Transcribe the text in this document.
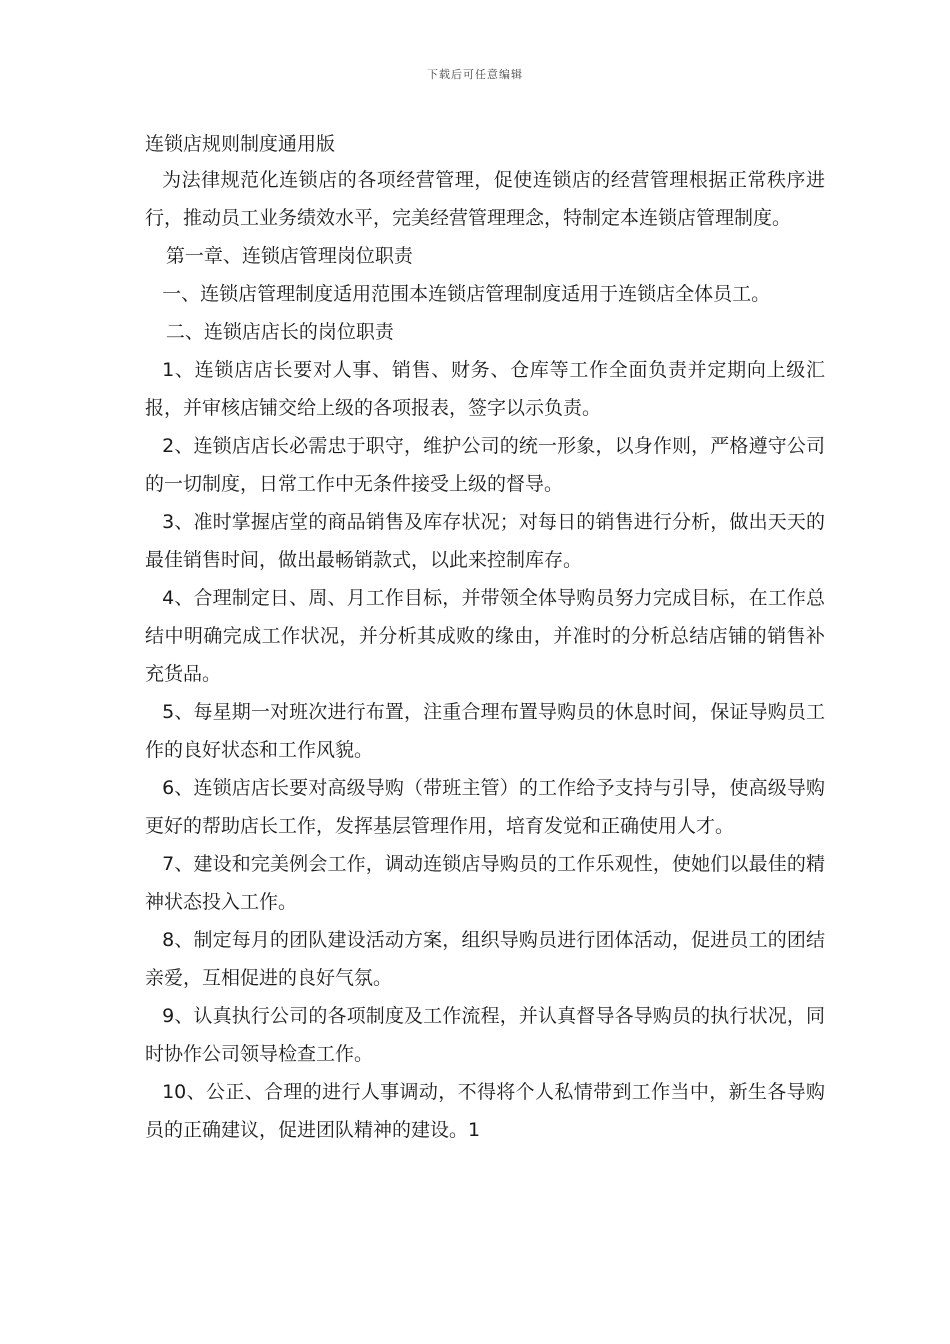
下载后可任意编辑
连锁店规则制度通用版

为法律规范化连锁店的各项经营管理，促使连锁店的经营管理根据正常秩序进行，推动员工业务绩效水平，完美经营管理理念，特制定本连锁店管理制度。

第一章、连锁店管理岗位职责

一、连锁店管理制度适用范围本连锁店管理制度适用于连锁店全体员工。

二、连锁店店长的岗位职责

1、连锁店店长要对人事、销售、财务、仓库等工作全面负责并定期向上级汇报，并审核店铺交给上级的各项报表，签字以示负责。

2、连锁店店长必需忠于职守，维护公司的统一形象，以身作则，严格遵守公司的一切制度，日常工作中无条件接受上级的督导。

3、准时掌握店堂的商品销售及库存状况；对每日的销售进行分析，做出天天的最佳销售时间，做出最畅销款式，以此来控制库存。

4、合理制定日、周、月工作目标，并带领全体导购员努力完成目标，在工作总结中明确完成工作状况，并分析其成败的缘由，并准时的分析总结店铺的销售补充货品。

5、每星期一对班次进行布置，注重合理布置导购员的休息时间，保证导购员工作的良好状态和工作风貌。

6、连锁店店长要对高级导购（带班主管）的工作给予支持与引导，使高级导购更好的帮助店长工作，发挥基层管理作用，培育发觉和正确使用人才。

7、建设和完美例会工作，调动连锁店导购员的工作乐观性，使她们以最佳的精神状态投入工作。

8、制定每月的团队建设活动方案，组织导购员进行团体活动，促进员工的团结亲爱，互相促进的良好气氛。

9、认真执行公司的各项制度及工作流程，并认真督导各导购员的执行状况，同时协作公司领导检查工作。

10、公正、合理的进行人事调动，不得将个人私情带到工作当中，新生各导购员的正确建议，促进团队精神的建设。1
